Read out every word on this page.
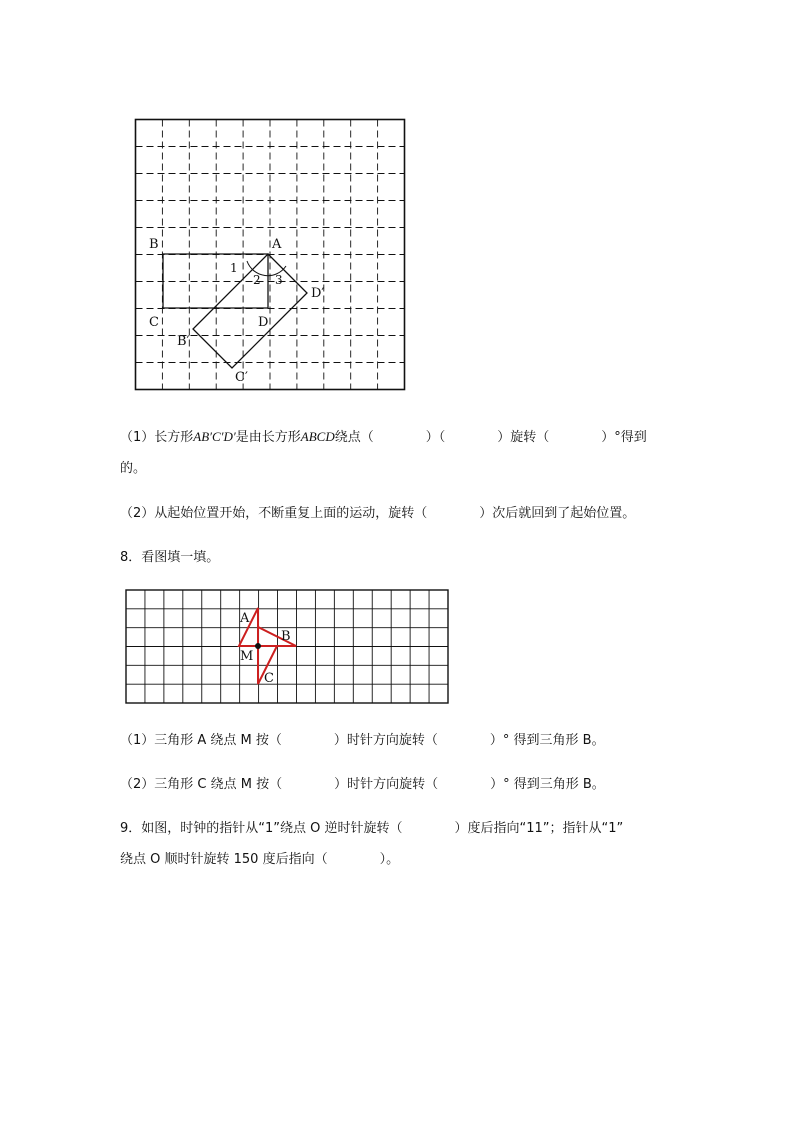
B	A
C	D
D′
B′
C′
1
2 3
（1）长方形AB′C′D′是由长方形ABCD绕点（　　　　）（　　　　）旋转（　　　　）°得到
的。
（2）从起始位置开始，不断重复上面的运动，旋转（　　　　）次后就回到了起始位置。
8．看图填一填。
A
B
M
C
（1）三角形 A 绕点 M 按（　　　　）时针方向旋转（　　　　）° 得到三角形 B。
（2）三角形 C 绕点 M 按（　　　　）时针方向旋转（　　　　）° 得到三角形 B。
9．如图，时钟的指针从“1”绕点 O 逆时针旋转（　　　　）度后指向“11”；指针从“1”
绕点 O 顺时针旋转 150 度后指向（　　　　）。
